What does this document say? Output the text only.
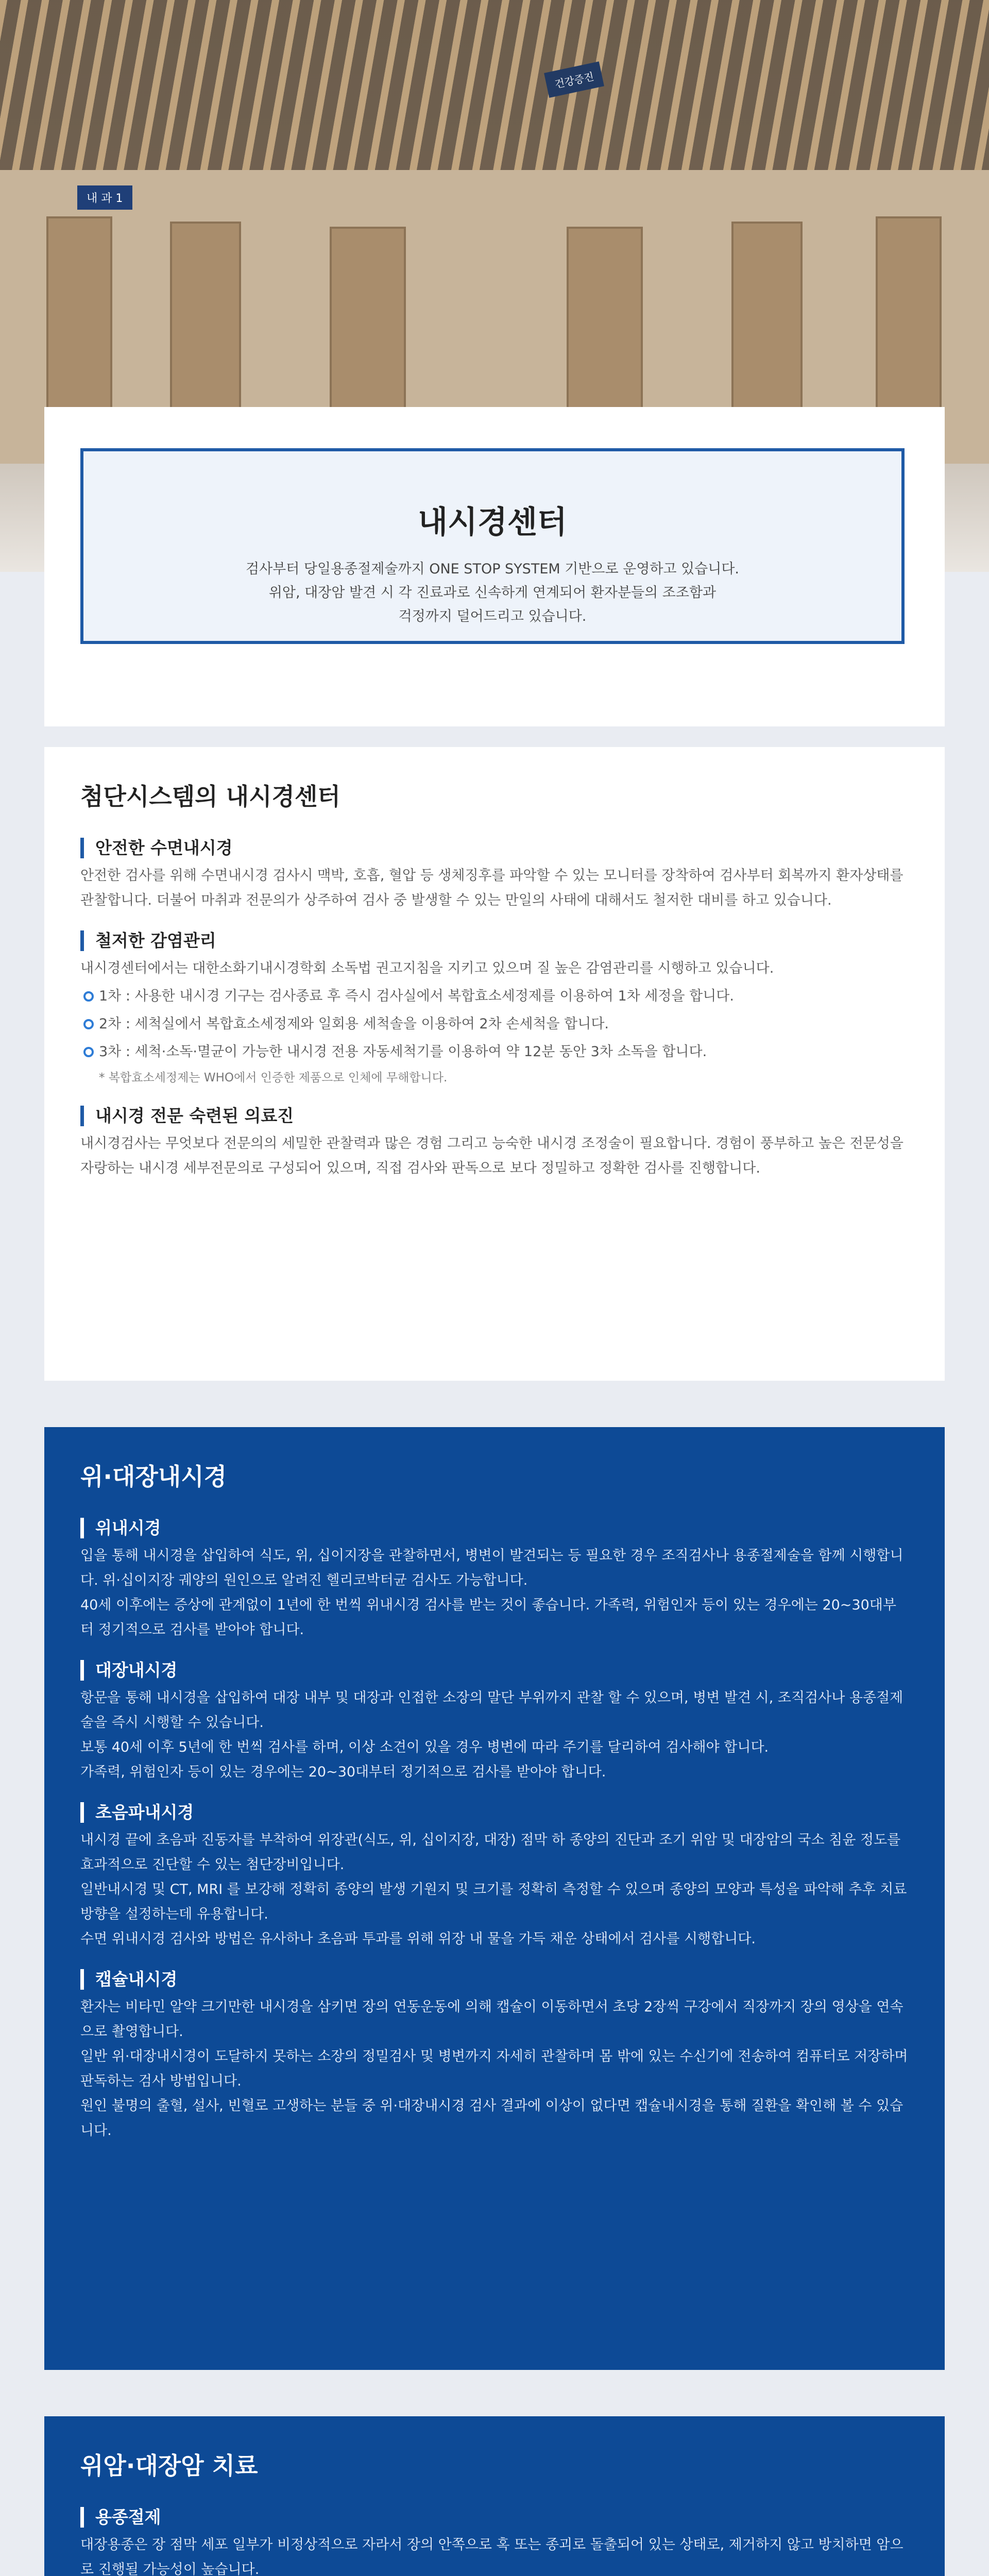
내 과 1
건강증진
내시경센터
검사부터 당일용종절제술까지 ONE STOP SYSTEM 기반으로 운영하고 있습니다.
위암, 대장암 발견 시 각 진료과로 신속하게 연계되어 환자분들의 조조함과
걱정까지 덜어드리고 있습니다.
첨단시스템의 내시경센터
안전한 수면내시경

안전한 검사를 위해 수면내시경 검사시 맥박, 호흡, 혈압 등 생체징후를 파악할 수 있는 모니터를 장착하여 검사부터 회복까지 환자상태를 관찰합니다. 더불어 마취과 전문의가 상주하여 검사 중 발생할 수 있는 만일의 사태에 대해서도 철저한 대비를 하고 있습니다.

철저한 감염관리

내시경센터에서는 대한소화기내시경학회 소독법 권고지침을 지키고 있으며 질 높은 감염관리를 시행하고 있습니다.

1차 : 사용한 내시경 기구는 검사종료 후 즉시 검사실에서 복합효소세정제를 이용하여 1차 세정을 합니다.
2차 : 세척실에서 복합효소세정제와 일회용 세척솔을 이용하여 2차 손세척을 합니다.
3차 : 세척·소독·멸균이 가능한 내시경 전용 자동세척기를 이용하여 약 12분 동안 3차 소독을 합니다.
* 복합효소세정제는 WHO에서 인증한 제품으로 인체에 무해합니다.
내시경 전문 숙련된 의료진

내시경검사는 무엇보다 전문의의 세밀한 관찰력과 많은 경험 그리고 능숙한 내시경 조정술이 필요합니다. 경험이 풍부하고 높은 전문성을 자랑하는 내시경 세부전문의로 구성되어 있으며, 직접 검사와 판독으로 보다 정밀하고 정확한 검사를 진행합니다.

위·대장내시경
위내시경

입을 통해 내시경을 삽입하여 식도, 위, 십이지장을 관찰하면서, 병변이 발견되는 등 필요한 경우 조직검사나 용종절제술을 함께 시행합니다. 위·십이지장 궤양의 원인으로 알려진 헬리코박터균 검사도 가능합니다.

40세 이후에는 증상에 관계없이 1년에 한 번씩 위내시경 검사를 받는 것이 좋습니다. 가족력, 위험인자 등이 있는 경우에는 20~30대부터 정기적으로 검사를 받아야 합니다.

대장내시경

항문을 통해 내시경을 삽입하여 대장 내부 및 대장과 인접한 소장의 말단 부위까지 관찰 할 수 있으며, 병변 발견 시, 조직검사나 용종절제술을 즉시 시행할 수 있습니다.

보통 40세 이후 5년에 한 번씩 검사를 하며, 이상 소견이 있을 경우 병변에 따라 주기를 달리하여 검사해야 합니다.

가족력, 위험인자 등이 있는 경우에는 20~30대부터 정기적으로 검사를 받아야 합니다.

초음파내시경

내시경 끝에 초음파 진동자를 부착하여 위장관(식도, 위, 십이지장, 대장) 점막 하 종양의 진단과 조기 위암 및 대장암의 국소 침윤 정도를 효과적으로 진단할 수 있는 첨단장비입니다.

일반내시경 및 CT, MRI 를 보강해 정확히 종양의 발생 기원지 및 크기를 정확히 측정할 수 있으며 종양의 모양과 특성을 파악해 추후 치료 방향을 설정하는데 유용합니다.

수면 위내시경 검사와 방법은 유사하나 초음파 투과를 위해 위장 내 물을 가득 채운 상태에서 검사를 시행합니다.

캡슐내시경

환자는 비타민 알약 크기만한 내시경을 삼키면 장의 연동운동에 의해 캡슐이 이동하면서 초당 2장씩 구강에서 직장까지 장의 영상을 연속으로 촬영합니다.

일반 위·대장내시경이 도달하지 못하는 소장의 정밀검사 및 병변까지 자세히 관찰하며 몸 밖에 있는 수신기에 전송하여 컴퓨터로 저장하며 판독하는 검사 방법입니다.

원인 불명의 출혈, 설사, 빈혈로 고생하는 분들 중 위·대장내시경 검사 결과에 이상이 없다면 캡슐내시경을 통해 질환을 확인해 볼 수 있습니다.

위암·대장암 치료
용종절제

대장용종은 장 점막 세포 일부가 비정상적으로 자라서 장의 안쪽으로 혹 또는 종괴로 돌출되어 있는 상태로, 제거하지 않고 방치하면 암으로 진행될 가능성이 높습니다.
